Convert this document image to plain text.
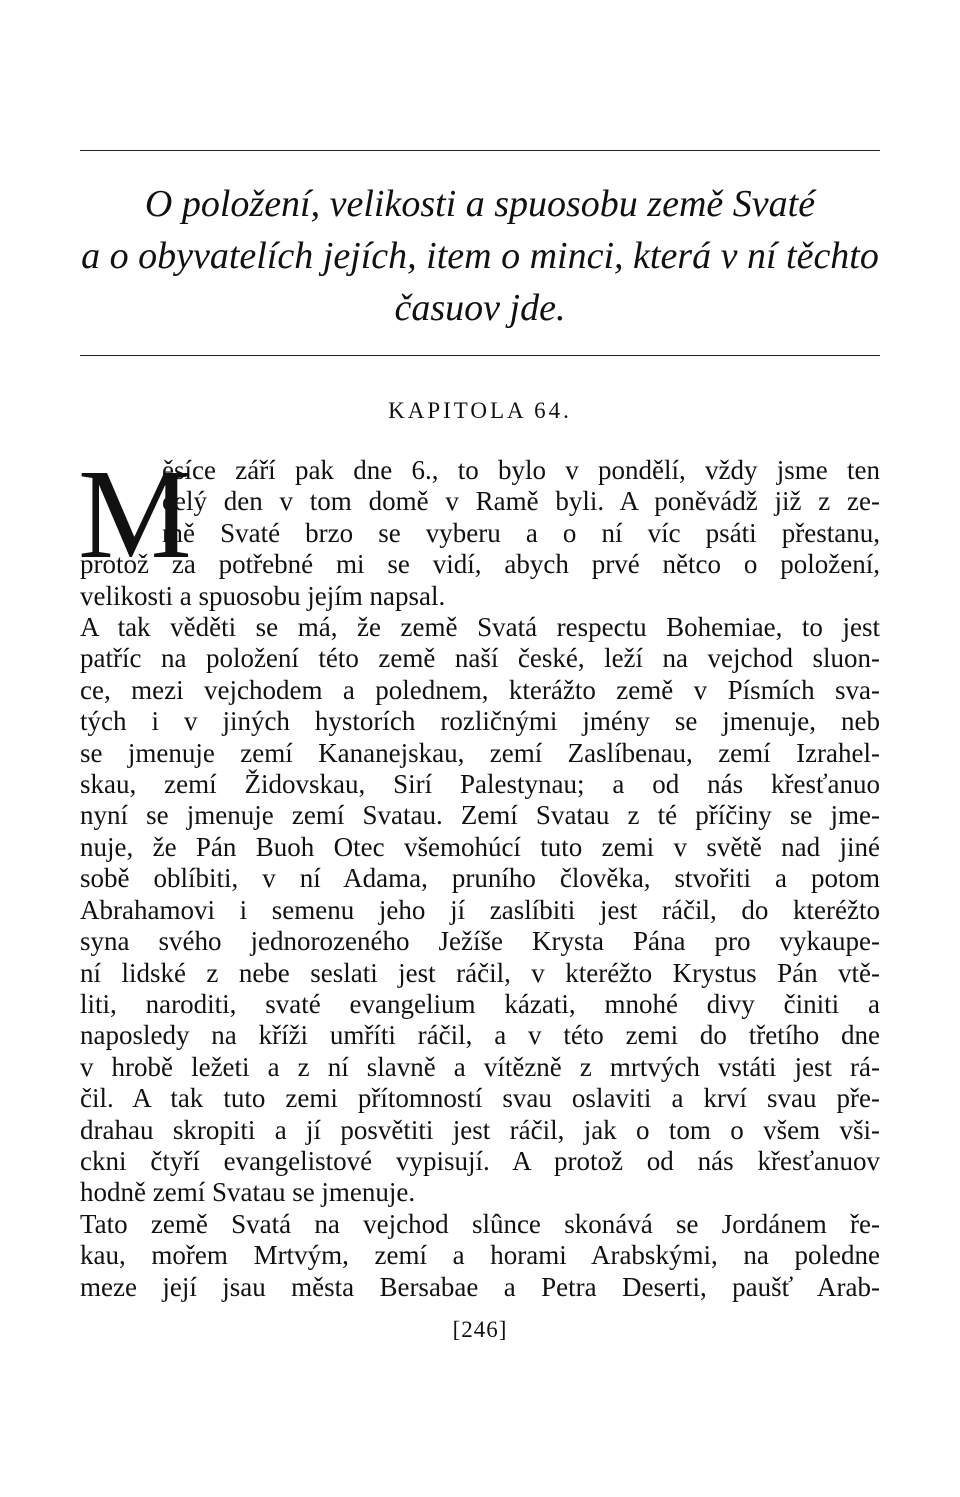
O položení, velikosti a spuosobu země Svaté
a o obyvatelích jejích, item o minci, která v ní těchto
časuov jde.
KAPITOLA 64.
M
ěsíce září pak dne 6., to bylo v pondělí, vždy jsme ten
celý den v tom domě v Ramě byli. A poněvádž již z ze-
mě Svaté brzo se vyberu a o ní víc psáti přestanu,
protož za potřebné mi se vidí, abych prvé nětco o položení,
velikosti a spuosobu jejím napsal.
A tak věděti se má, že země Svatá respectu Bohemiae, to jest
patříc na položení této země naší české, leží na vejchod sluon-
ce, mezi vejchodem a polednem, kterážto země v Písmích sva-
tých i v jiných hystorích rozličnými jmény se jmenuje, neb
se jmenuje zemí Kananejskau, zemí Zaslíbenau, zemí Izrahel-
skau, zemí Židovskau, Sirí Palestynau; a od nás křesťanuo
nyní se jmenuje zemí Svatau. Zemí Svatau z té příčiny se jme-
nuje, že Pán Buoh Otec všemohúcí tuto zemi v světě nad jiné
sobě oblíbiti, v ní Adama, pruního člověka, stvořiti a potom
Abrahamovi i semenu jeho jí zaslíbiti jest ráčil, do kteréžto
syna svého jednorozeného Ježíše Krysta Pána pro vykaupe-
ní lidské z nebe seslati jest ráčil, v kteréžto Krystus Pán vtě-
liti, naroditi, svaté evangelium kázati, mnohé divy činiti a
naposledy na kříži umříti ráčil, a v této zemi do třetího dne
v hrobě ležeti a z ní slavně a vítězně z mrtvých vstáti jest rá-
čil. A tak tuto zemi přítomností svau oslaviti a krví svau pře-
drahau skropiti a jí posvětiti jest ráčil, jak o tom o všem vši-
ckni čtyří evangelistové vypisují. A protož od nás křesťanuov
hodně zemí Svatau se jmenuje.
Tato země Svatá na vejchod slûnce skonává se Jordánem ře-
kau, mořem Mrtvým, zemí a horami Arabskými, na poledne
meze její jsau města Bersabae a Petra Deserti, paušť Arab-
[246]
